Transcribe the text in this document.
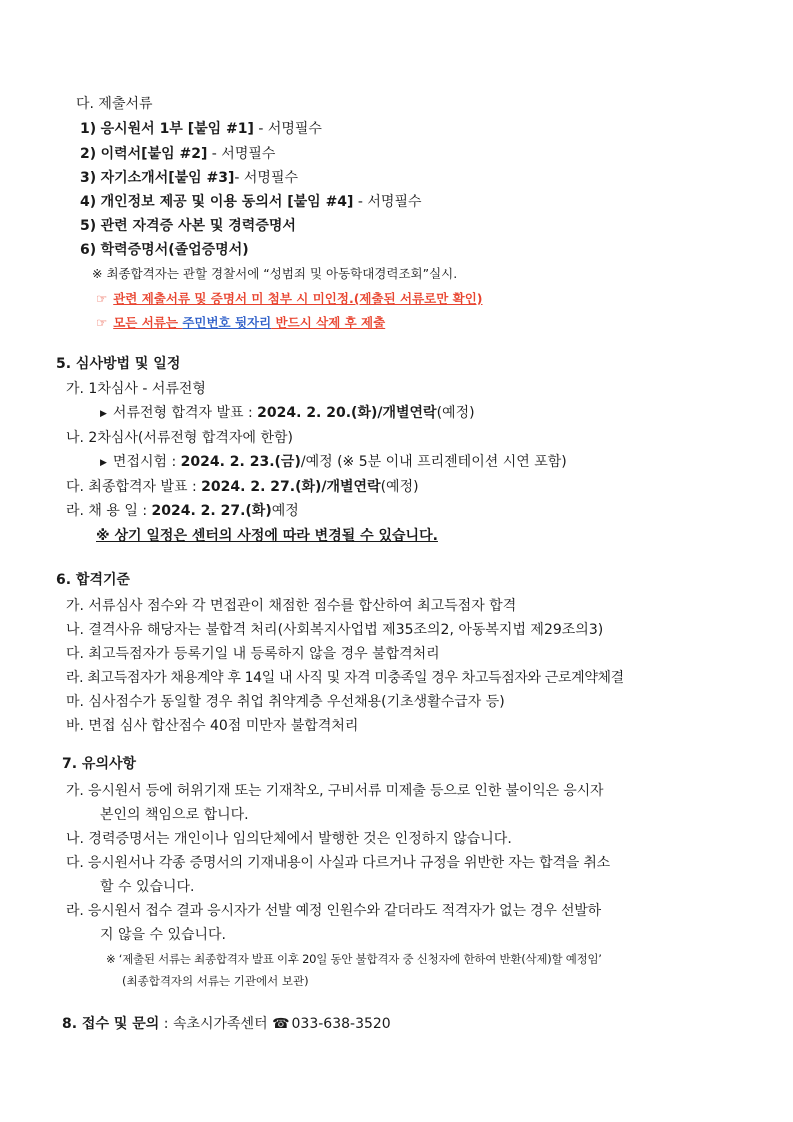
다. 제출서류
1) 응시원서 1부 [붙임 #1] - 서명필수
2) 이력서[붙임 #2] - 서명필수
3) 자기소개서[붙임 #3]- 서명필수
4) 개인정보 제공 및 이용 동의서 [붙임 #4] - 서명필수
5) 관련 자격증 사본 및 경력증명서
6) 학력증명서(졸업증명서)
※ 최종합격자는 관할 경찰서에 “성범죄 및 아동학대경력조회”실시.
☞ 관련 제출서류 및 증명서 미 첨부 시 미인정.(제출된 서류로만 확인)
☞ 모든 서류는 주민번호 뒷자리 반드시 삭제 후 제출
5. 심사방법 및 일정
가. 1차심사 - 서류전형
▶ 서류전형 합격자 발표 : 2024. 2. 20.(화)/개별연락(예정)
나. 2차심사(서류전형 합격자에 한함)
▶ 면접시험 : 2024. 2. 23.(금)/예정 (※ 5분 이내 프리젠테이션 시연 포함)
다. 최종합격자 발표 : 2024. 2. 27.(화)/개별연락(예정)
라. 채 용 일 : 2024. 2. 27.(화)예정
※ 상기 일정은 센터의 사정에 따라 변경될 수 있습니다.
6. 합격기준
가. 서류심사 점수와 각 면접관이 채점한 점수를 합산하여 최고득점자 합격
나. 결격사유 해당자는 불합격 처리(사회복지사업법 제35조의2, 아동복지법 제29조의3)
다. 최고득점자가 등록기일 내 등록하지 않을 경우 불합격처리
라. 최고득점자가 채용계약 후 14일 내 사직 및 자격 미충족일 경우 차고득점자와 근로계약체결
마. 심사점수가 동일할 경우 취업 취약계층 우선채용(기초생활수급자 등)
바. 면접 심사 합산점수 40점 미만자 불합격처리
7. 유의사항
가. 응시원서 등에 허위기재 또는 기재착오, 구비서류 미제출 등으로 인한 불이익은 응시자
본인의 책임으로 합니다.
나. 경력증명서는 개인이나 임의단체에서 발행한 것은 인정하지 않습니다.
다. 응시원서나 각종 증명서의 기재내용이 사실과 다르거나 규정을 위반한 자는 합격을 취소
할 수 있습니다.
라. 응시원서 접수 결과 응시자가 선발 예정 인원수와 같더라도 적격자가 없는 경우 선발하
지 않을 수 있습니다.
※ ‘제출된 서류는 최종합격자 발표 이후 20일 동안 불합격자 중 신청자에 한하여 반환(삭제)할 예정임’
(최종합격자의 서류는 기관에서 보관)
8. 접수 및 문의 : 속초시가족센터 ☎ 033-638-3520
